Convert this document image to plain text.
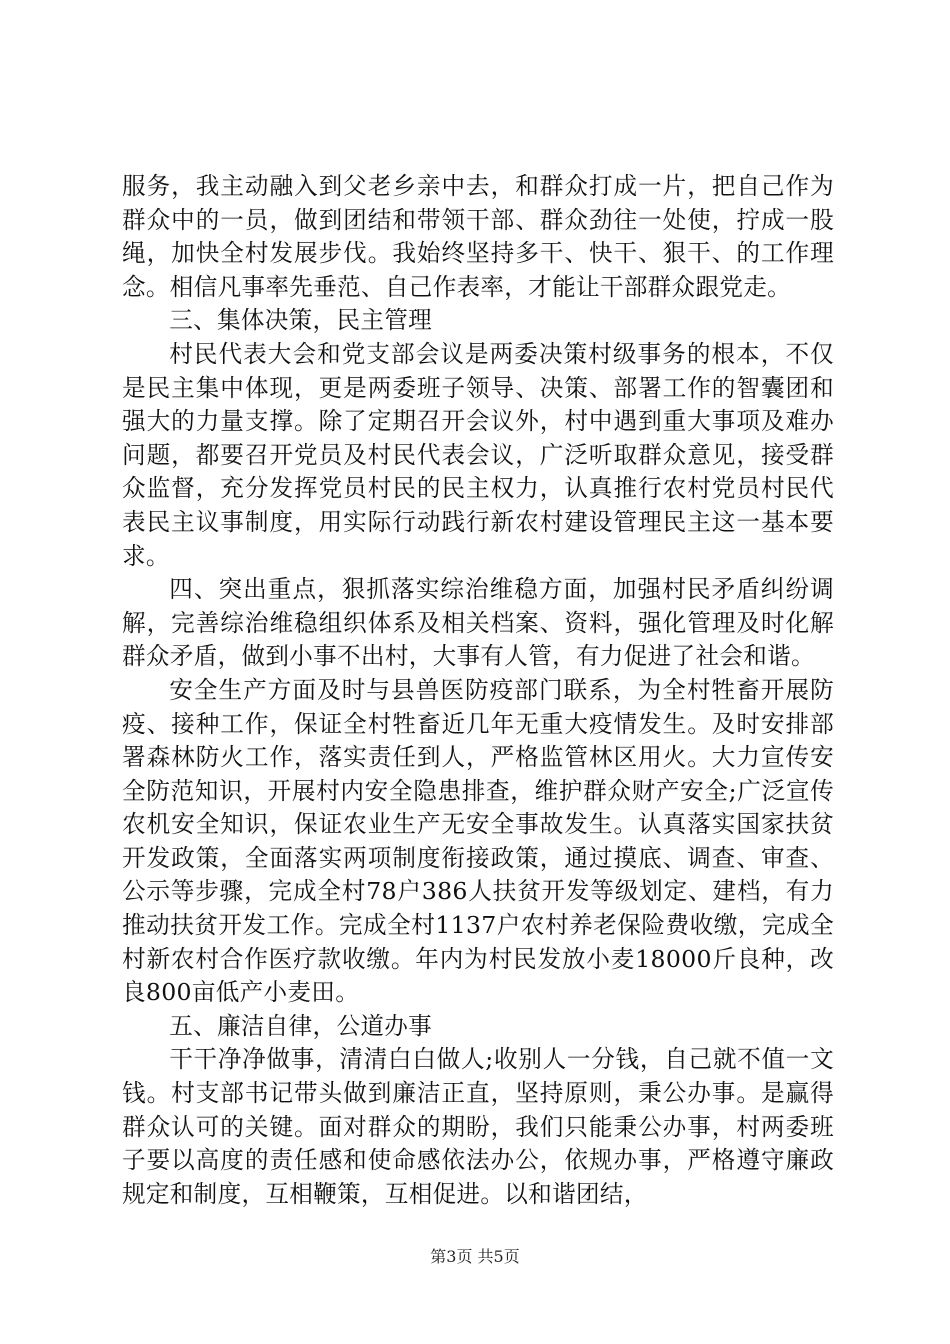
服务，我主动融入到父老乡亲中去，和群众打成一片，把自己作为群众中的一员，做到团结和带领干部、群众劲往一处使，拧成一股绳，加快全村发展步伐。我始终坚持多干、快干、狠干、的工作理念。相信凡事率先垂范、自己作表率，才能让干部群众跟党走。

三、集体决策，民主管理

村民代表大会和党支部会议是两委决策村级事务的根本，不仅是民主集中体现，更是两委班子领导、决策、部署工作的智囊团和强大的力量支撑。除了定期召开会议外，村中遇到重大事项及难办问题，都要召开党员及村民代表会议，广泛听取群众意见，接受群众监督，充分发挥党员村民的民主权力，认真推行农村党员村民代表民主议事制度，用实际行动践行新农村建设管理民主这一基本要求。

四、突出重点，狠抓落实综治维稳方面，加强村民矛盾纠纷调解，完善综治维稳组织体系及相关档案、资料，强化管理及时化解群众矛盾，做到小事不出村，大事有人管，有力促进了社会和谐。

安全生产方面及时与县兽医防疫部门联系，为全村牲畜开展防疫、接种工作，保证全村牲畜近几年无重大疫情发生。及时安排部署森林防火工作，落实责任到人，严格监管林区用火。大力宣传安全防范知识，开展村内安全隐患排查，维护群众财产安全;广泛宣传农机安全知识，保证农业生产无安全事故发生。认真落实国家扶贫开发政策，全面落实两项制度衔接政策，通过摸底、调查、审查、公示等步骤，完成全村78户386人扶贫开发等级划定、建档，有力推动扶贫开发工作。完成全村1137户农村养老保险费收缴，完成全村新农村合作医疗款收缴。年内为村民发放小麦18000斤良种，改良800亩低产小麦田。

五、廉洁自律，公道办事

干干净净做事，清清白白做人;收别人一分钱，自己就不值一文钱。村支部书记带头做到廉洁正直，坚持原则，秉公办事。是赢得群众认可的关键。面对群众的期盼，我们只能秉公办事，村两委班子要以高度的责任感和使命感依法办公，依规办事，严格遵守廉政规定和制度，互相鞭策，互相促进。以和谐团结，

第3页 共5页
